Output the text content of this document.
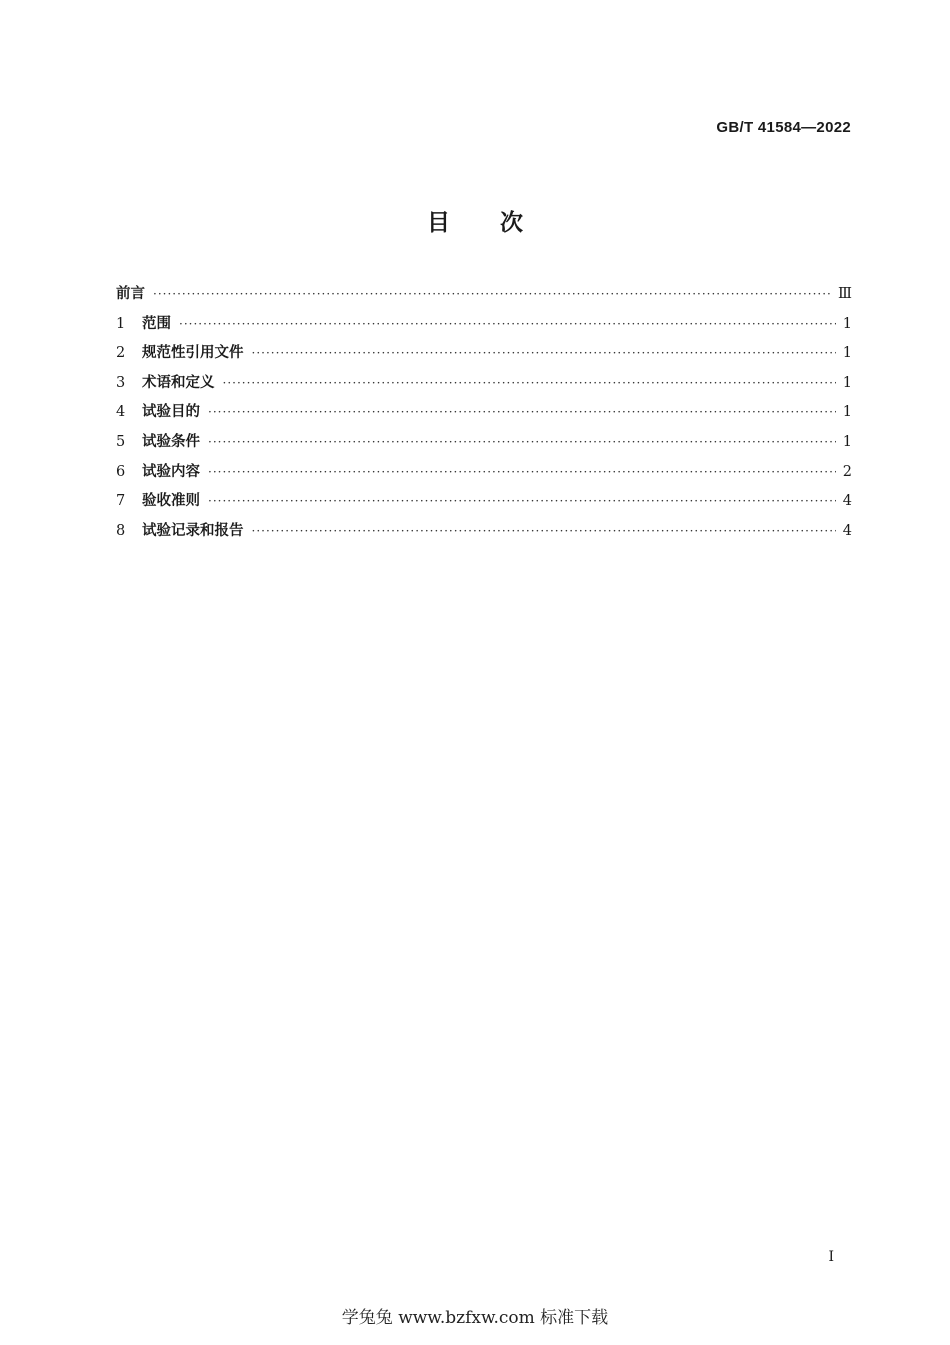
GB/T 41584—2022
目次
前言 ·····	Ⅲ
1	范围 ·····	1
2	规范性引用文件 ·····	1
3	术语和定义 ·····	1
4	试验目的 ·····	1
5	试验条件 ·····	1
6	试验内容 ·····	2
7	验收准则 ·····	4
8	试验记录和报告 ·····	4
I
学兔兔 www.bzfxw.com 标准下载
